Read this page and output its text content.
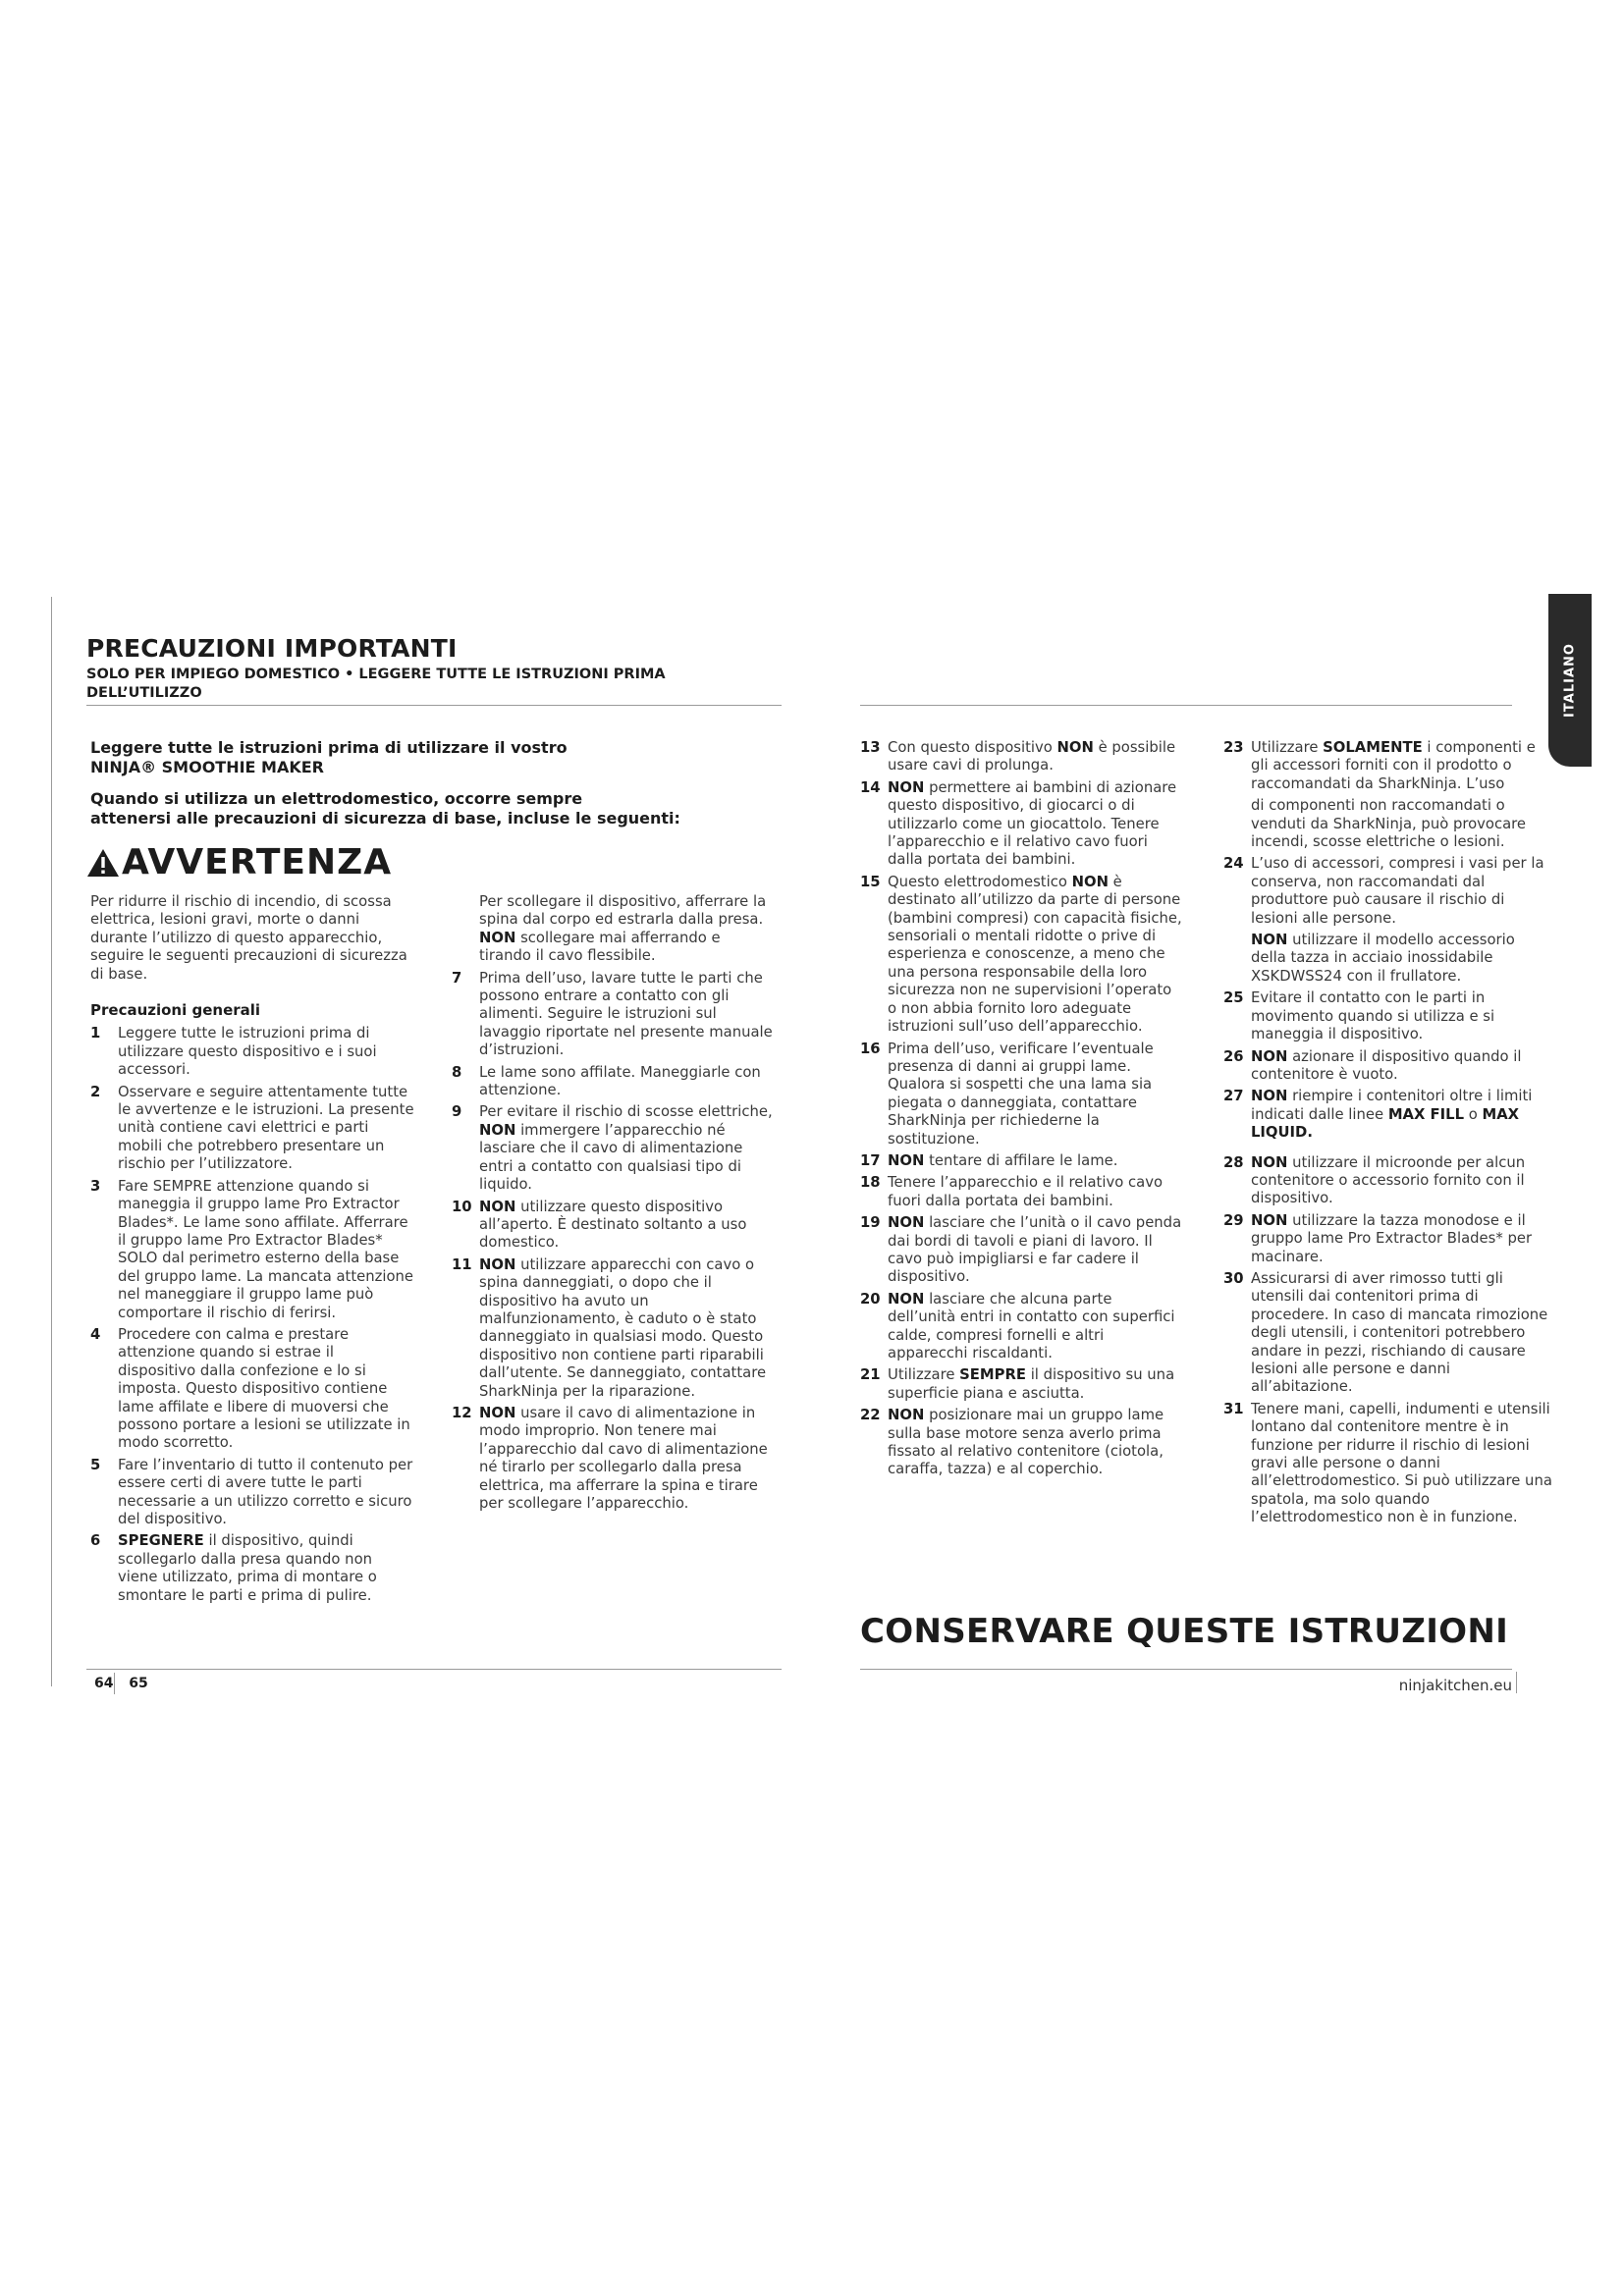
PRECAUZIONI IMPORTANTI
SOLO PER IMPIEGO DOMESTICO • LEGGERE TUTTE LE ISTRUZIONI PRIMA DELL’UTILIZZO	ITALIANO
Leggere tutte le istruzioni prima di utilizzare il vostro
NINJA® SMOOTHIE MAKER
Quando si utilizza un elettrodomestico, occorre sempre
attenersi alle precauzioni di sicurezza di base, incluse le seguenti:
AVVERTENZA

Per ridurre il rischio di incendio, di scossa elettrica, lesioni gravi, morte o danni durante l’utilizzo di questo apparecchio, seguire le seguenti precauzioni di sicurezza di base.

Precauzioni generali
1	Leggere tutte le istruzioni prima di utilizzare questo dispositivo e i suoi accessori.
2	Osservare e seguire attentamente tutte le avvertenze e le istruzioni. La presente unità contiene cavi elettrici e parti mobili che potrebbero presentare un rischio per l’utilizzatore.
3	Fare SEMPRE attenzione quando si maneggia il gruppo lame Pro Extractor Blades*. Le lame sono affilate. Afferrare il gruppo lame Pro Extractor Blades* SOLO dal perimetro esterno della base del gruppo lame. La mancata attenzione nel maneggiare il gruppo lame può comportare il rischio di ferirsi.
4	Procedere con calma e prestare attenzione quando si estrae il dispositivo dalla confezione e lo si imposta. Questo dispositivo contiene lame affilate e libere di muoversi che possono portare a lesioni se utilizzate in modo scorretto.
5	Fare l’inventario di tutto il contenuto per essere certi di avere tutte le parti necessarie a un utilizzo corretto e sicuro del dispositivo.
6	SPEGNERE il dispositivo, quindi scollegarlo dalla presa quando non viene utilizzato, prima di montare o smontare le parti e prima di pulire.
Per scollegare il dispositivo, afferrare la spina dal corpo ed estrarla dalla presa. NON scollegare mai afferrando e tirando il cavo flessibile.
7	Prima dell’uso, lavare tutte le parti che possono entrare a contatto con gli alimenti. Seguire le istruzioni sul lavaggio riportate nel presente manuale d’istruzioni.
8	Le lame sono affilate. Maneggiarle con attenzione.
9	Per evitare il rischio di scosse elettriche, NON immergere l’apparecchio né lasciare che il cavo di alimentazione entri a contatto con qualsiasi tipo di liquido.
10 NON utilizzare questo dispositivo all’aperto. È destinato soltanto a uso domestico.
11 NON utilizzare apparecchi con cavo o spina danneggiati, o dopo che il dispositivo ha avuto un malfunzionamento, è caduto o è stato danneggiato in qualsiasi modo. Questo dispositivo non contiene parti riparabili dall’utente. Se danneggiato, contattare SharkNinja per la riparazione.
12 NON usare il cavo di alimentazione in modo improprio. Non tenere mai l’apparecchio dal cavo di alimentazione né tirarlo per scollegarlo dalla presa elettrica, ma afferrare la spina e tirare per scollegare l’apparecchio.
13 Con questo dispositivo NON è possibile usare cavi di prolunga.
14 NON permettere ai bambini di azionare questo dispositivo, di giocarci o di utilizzarlo come un giocattolo. Tenere l’apparecchio e il relativo cavo fuori dalla portata dei bambini.
15 Questo elettrodomestico NON è destinato all’utilizzo da parte di persone (bambini compresi) con capacità fisiche, sensoriali o mentali ridotte o prive di esperienza e conoscenze, a meno che una persona responsabile della loro sicurezza non ne supervisioni l’operato o non abbia fornito loro adeguate istruzioni sull’uso dell’apparecchio.
16 Prima dell’uso, verificare l’eventuale presenza di danni ai gruppi lame. Qualora si sospetti che una lama sia piegata o danneggiata, contattare SharkNinja per richiederne la sostituzione.
17 NON tentare di affilare le lame.
18 Tenere l’apparecchio e il relativo cavo fuori dalla portata dei bambini.
19 NON lasciare che l’unità o il cavo penda dai bordi di tavoli e piani di lavoro. Il cavo può impigliarsi e far cadere il dispositivo.
20 NON lasciare che alcuna parte dell’unità entri in contatto con superfici calde, compresi fornelli e altri apparecchi riscaldanti.
21 Utilizzare SEMPRE il dispositivo su una superficie piana e asciutta.
22 NON posizionare mai un gruppo lame sulla base motore senza averlo prima fissato al relativo contenitore (ciotola, caraffa, tazza) e al coperchio.
23 Utilizzare SOLAMENTE i componenti e gli accessori forniti con il prodotto o raccomandati da SharkNinja. L’uso
di componenti non raccomandati o venduti da SharkNinja, può provocare incendi, scosse elettriche o lesioni.
24 L’uso di accessori, compresi i vasi per la conserva, non raccomandati dal produttore può causare il rischio di lesioni alle persone.
NON utilizzare il modello accessorio della tazza in acciaio inossidabile XSKDWSS24 con il frullatore.
25 Evitare il contatto con le parti in movimento quando si utilizza e si maneggia il dispositivo.
26 NON azionare il dispositivo quando il contenitore è vuoto.
27 NON riempire i contenitori oltre i limiti indicati dalle linee MAX FILL o MAX LIQUID.
28 NON utilizzare il microonde per alcun contenitore o accessorio fornito con il dispositivo.
29 NON utilizzare la tazza monodose e il gruppo lame Pro Extractor Blades* per macinare.
30 Assicurarsi di aver rimosso tutti gli utensili dai contenitori prima di procedere. In caso di mancata rimozione degli utensili, i contenitori potrebbero andare in pezzi, rischiando di causare lesioni alle persone e danni all’abitazione.
31 Tenere mani, capelli, indumenti e utensili lontano dal contenitore mentre è in funzione per ridurre il rischio di lesioni gravi alle persone o danni all’elettrodomestico. Si può utilizzare una spatola, ma solo quando l’elettrodomestico non è in funzione.
CONSERVARE QUESTE ISTRUZIONI
64 65	ninjakitchen.eu
